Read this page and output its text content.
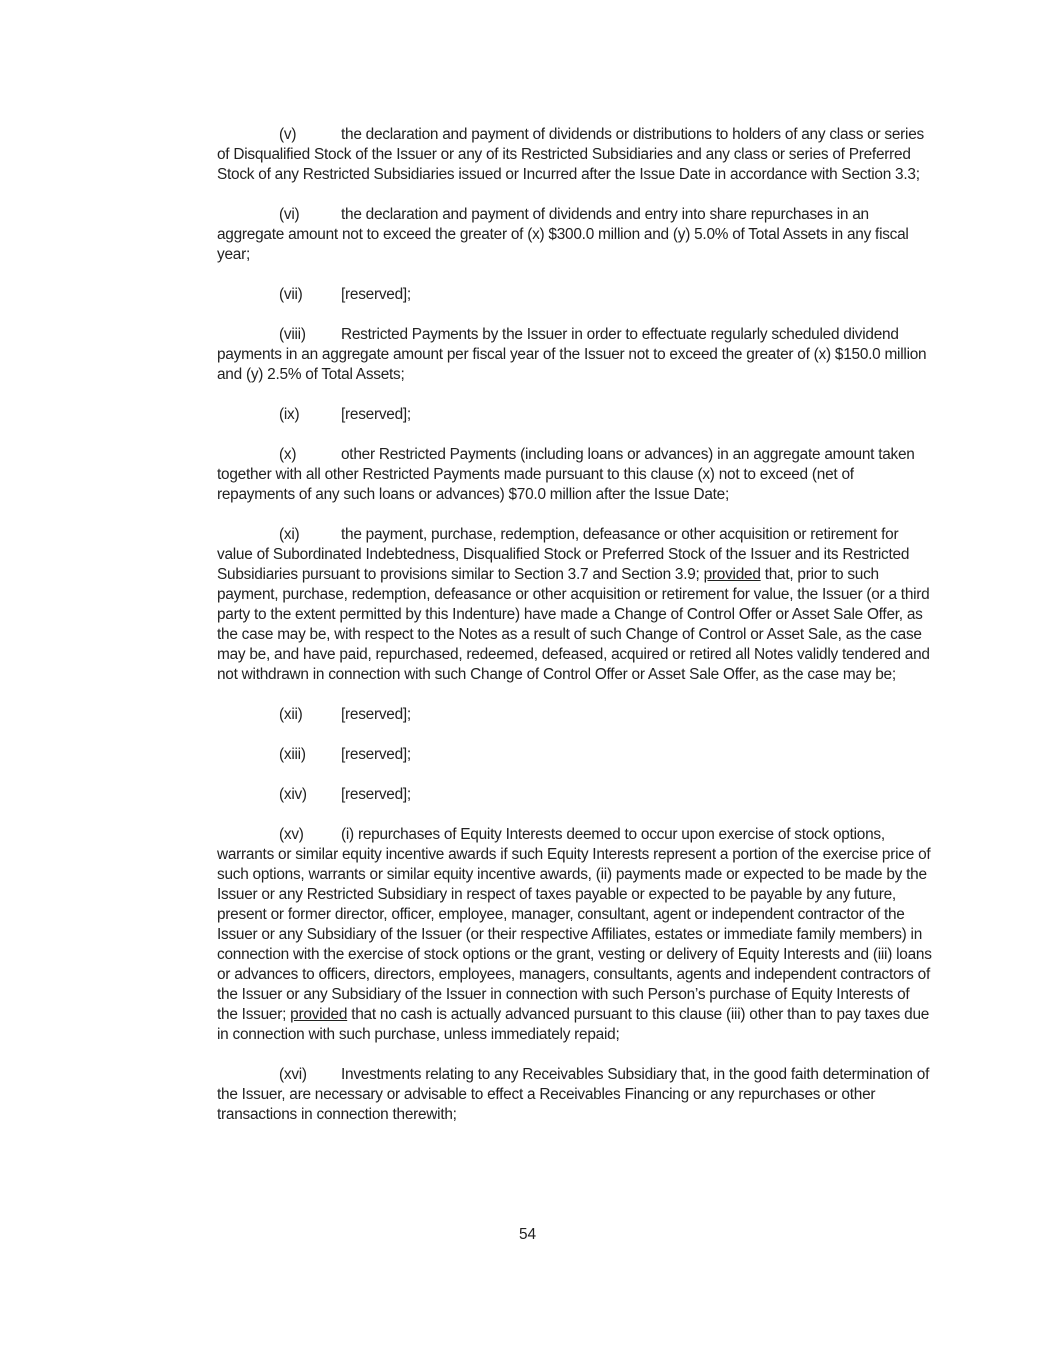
(v)	the declaration and payment of dividends or distributions to holders of any class or series of Disqualified Stock of the Issuer or any of its Restricted Subsidiaries and any class or series of Preferred Stock of any Restricted Subsidiaries issued or Incurred after the Issue Date in accordance with Section 3.3;

(vi)	the declaration and payment of dividends and entry into share repurchases in an aggregate amount not to exceed the greater of (x) $300.0 million and (y) 5.0% of Total Assets in any fiscal year;

(vii) [reserved];

(viii) Restricted Payments by the Issuer in order to effectuate regularly scheduled dividend payments in an aggregate amount per fiscal year of the Issuer not to exceed the greater of (x) $150.0 million and (y) 2.5% of Total Assets;

(ix)	[reserved];

(x)	other Restricted Payments (including loans or advances) in an aggregate amount taken together with all other Restricted Payments made pursuant to this clause (x) not to exceed (net of repayments of any such loans or advances) $70.0 million after the Issue Date;

(xi)	the payment, purchase, redemption, defeasance or other acquisition or retirement for value of Subordinated Indebtedness, Disqualified Stock or Preferred Stock of the Issuer and its Restricted Subsidiaries pursuant to provisions similar to Section 3.7 and Section 3.9; provided that, prior to such payment, purchase, redemption, defeasance or other acquisition or retirement for value, the Issuer (or a third party to the extent permitted by this Indenture) have made a Change of Control Offer or Asset Sale Offer, as the case may be, with respect to the Notes as a result of such Change of Control or Asset Sale, as the case may be, and have paid, repurchased, redeemed, defeased, acquired or retired all Notes validly tendered and not withdrawn in connection with such Change of Control Offer or Asset Sale Offer, as the case may be;

(xii) [reserved];

(xiii) [reserved];

(xiv) [reserved];

(xv) (i) repurchases of Equity Interests deemed to occur upon exercise of stock options, warrants or similar equity incentive awards if such Equity Interests represent a portion of the exercise price of such options, warrants or similar equity incentive awards, (ii) payments made or expected to be made by the Issuer or any Restricted Subsidiary in respect of taxes payable or expected to be payable by any future, present or former director, officer, employee, manager, consultant, agent or independent contractor of the Issuer or any Subsidiary of the Issuer (or their respective Affiliates, estates or immediate family members) in connection with the exercise of stock options or the grant, vesting or delivery of Equity Interests and (iii) loans or advances to officers, directors, employees, managers, consultants, agents and independent contractors of the Issuer or any Subsidiary of the Issuer in connection with such Person’s purchase of Equity Interests of the Issuer; provided that no cash is actually advanced pursuant to this clause (iii) other than to pay taxes due in connection with such purchase, unless immediately repaid;

(xvi) Investments relating to any Receivables Subsidiary that, in the good faith determination of the Issuer, are necessary or advisable to effect a Receivables Financing or any repurchases or other transactions in connection therewith;

54
